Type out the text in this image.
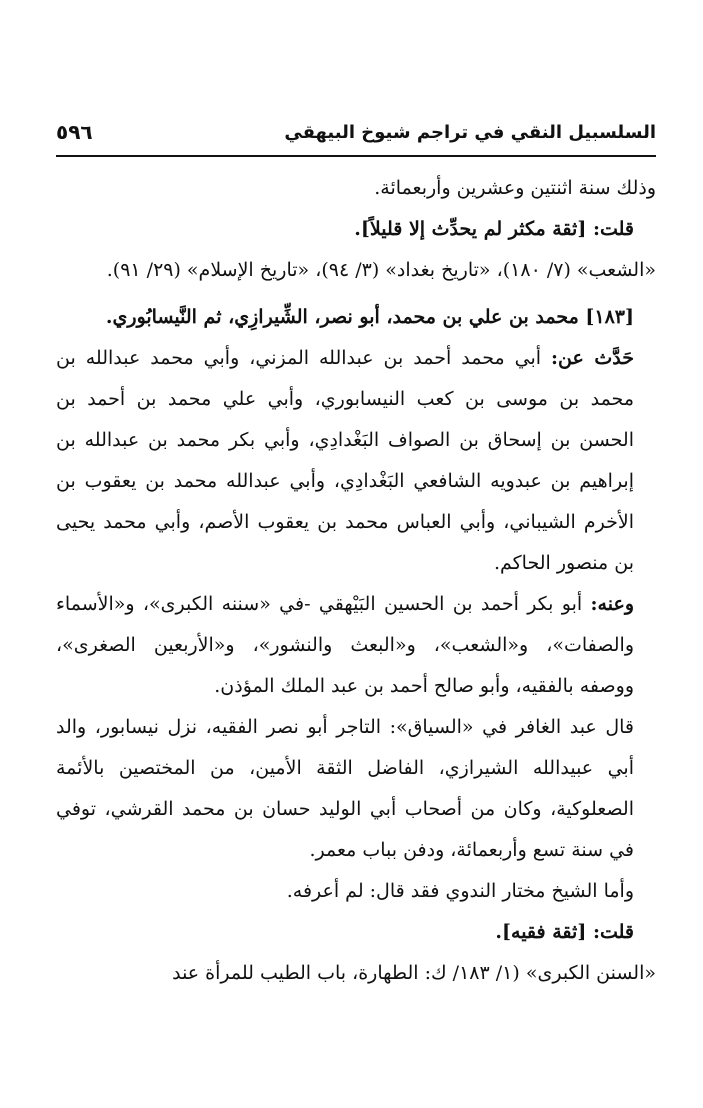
السلسبيل النقي في تراجم شيوخ البيهقي
٥٩٦

وذلك سنة اثنتين وعشرين وأربعمائة.

قلت: [ثقة مكثر لم يحدِّث إلا قليلاً].

«الشعب» (٧/ ١٨٠)، «تاريخ بغداد» (٣/ ٩٤)، «تاريخ الإسلام» (٢٩/ ٩١).

[١٨٣] محمد بن علي بن محمد، أبو نصر، الشِّيرازِي، ثم النَّيسابُوري.

حَدَّث عن: أبي محمد أحمد بن عبدالله المزني، وأبي محمد عبدالله بن محمد بن موسى بن كعب النيسابوري، وأبي علي محمد بن أحمد بن الحسن بن إسحاق بن الصواف البَغْدادِي، وأبي بكر محمد بن عبدالله بن إبراهيم بن عبدويه الشافعي البَغْدادِي، وأبي عبدالله محمد بن يعقوب بن الأخرم الشيباني، وأبي العباس محمد بن يعقوب الأصم، وأبي محمد يحيى بن منصور الحاكم.

وعنه: أبو بكر أحمد بن الحسين البَيْهقي -في «سننه الكبرى»، و«الأسماء والصفات»، و«الشعب»، و«البعث والنشور»، و«الأربعين الصغرى»، ووصفه بالفقيه، وأبو صالح أحمد بن عبد الملك المؤذن.

قال عبد الغافر في «السياق»: التاجر أبو نصر الفقيه، نزل نيسابور، والد أبي عبيدالله الشيرازي، الفاضل الثقة الأمين، من المختصين بالأئمة الصعلوكية، وكان من أصحاب أبي الوليد حسان بن محمد القرشي، توفي في سنة تسع وأربعمائة، ودفن بباب معمر.

وأما الشيخ مختار الندوي فقد قال: لم أعرفه.

قلت: [ثقة فقيه].

«السنن الكبرى» (١/ ١٨٣/ ك: الطهارة، باب الطيب للمرأة عند
